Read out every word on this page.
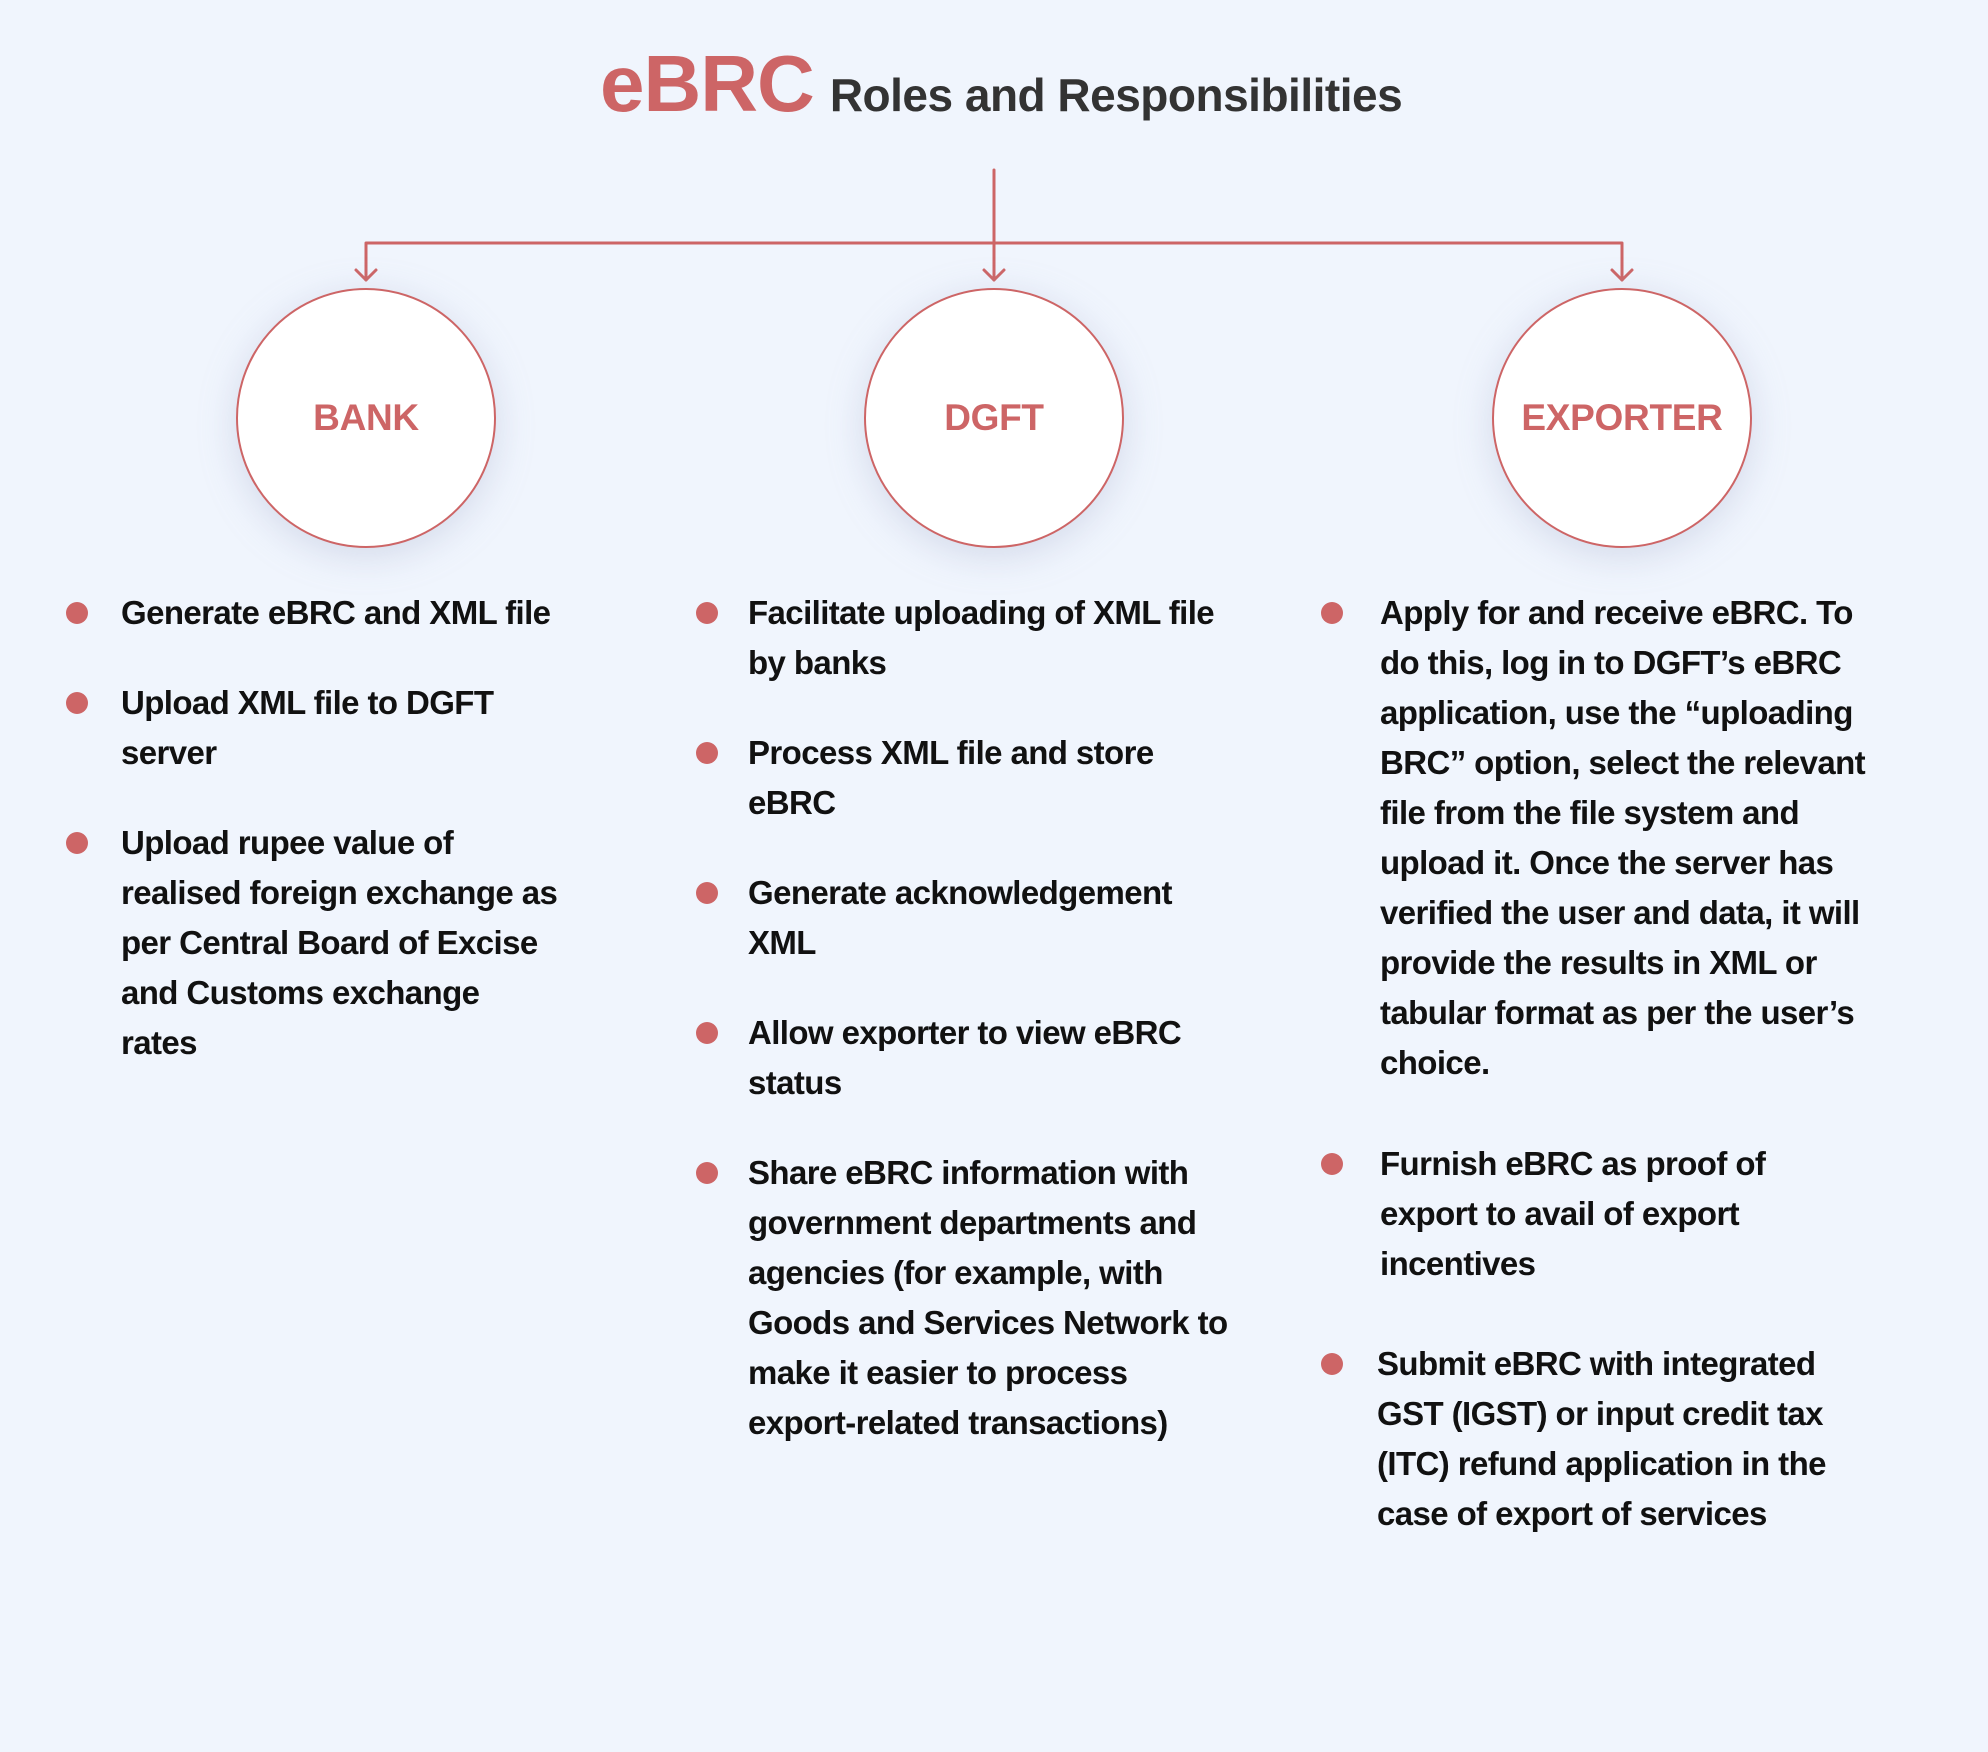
eBRC Roles and Responsibilities
BANK	DGFT	EXPORTER
Generate eBRC and XML file
Upload XML file to DGFT server
Upload rupee value of realised foreign exchange as per Central Board of Excise and Customs exchange rates
Facilitate uploading of XML file by banks
Process XML file and store eBRC
Generate acknowledgement XML
Allow exporter to view eBRC status
Share eBRC information with government departments and agencies (for example, with Goods and Services Network to make it easier to process export-related transactions)
Apply for and receive eBRC. To do this, log in to DGFT’s eBRC application, use the “uploading BRC” option, select the relevant file from the file system and upload it. Once the server has verified the user and data, it will provide the results in XML or tabular format as per the user’s choice.
Furnish eBRC as proof of export to avail of export incentives
Submit eBRC with integrated GST (IGST) or input credit tax (ITC) refund application in the case of export of services
